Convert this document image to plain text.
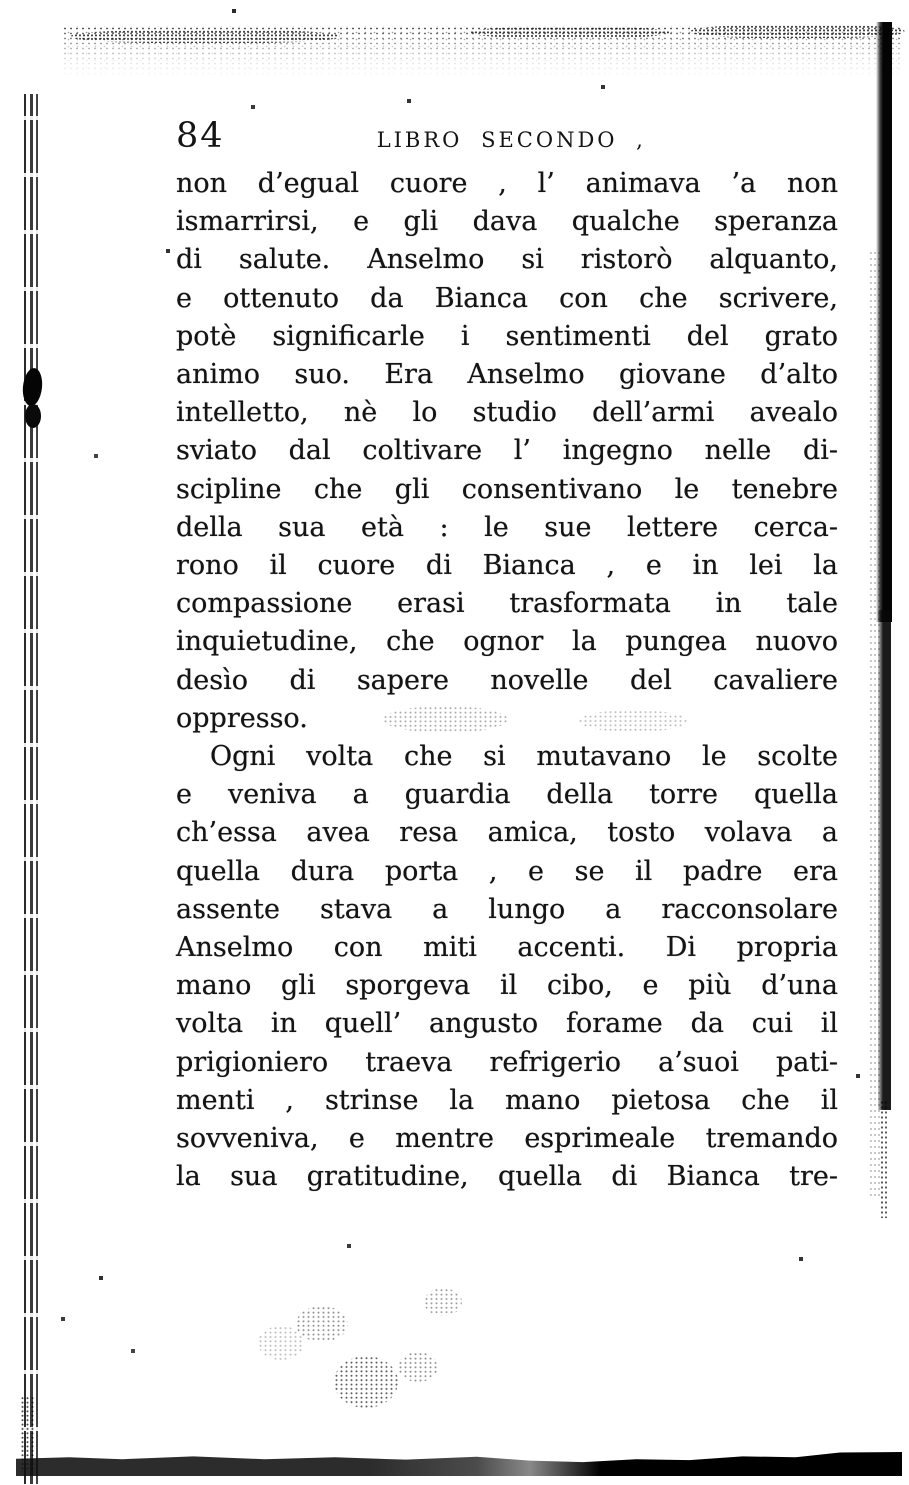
84	LIBRO SECONDO ,
non d’egual cuore , l’ animava ’a non
ismarrirsi, e gli dava qualche speranza
di salute. Anselmo si ristorò alquanto,
e ottenuto da Bianca con che scrivere,
potè significarle i sentimenti del grato
animo suo. Era Anselmo giovane d’alto
intelletto, nè lo studio dell’armi avealo
sviato dal coltivare l’ ingegno nelle di-
scipline che gli consentivano le tenebre
della sua età : le sue lettere cerca-
rono il cuore di Bianca , e in lei la
compassione erasi trasformata in tale
inquietudine, che ognor la pungea nuovo
desìo di sapere novelle del cavaliere
oppresso.
Ogni volta che si mutavano le scolte
e veniva a guardia della torre quella
ch’essa avea resa amica, tosto volava a
quella dura porta , e se il padre era
assente stava a lungo a racconsolare
Anselmo con miti accenti. Di propria
mano gli sporgeva il cibo, e più d’una
volta in quell’ angusto forame da cui il
prigioniero traeva refrigerio a’suoi pati-
menti , strinse la mano pietosa che il
sovveniva, e mentre esprimeale tremando
la sua gratitudine, quella di Bianca tre-
